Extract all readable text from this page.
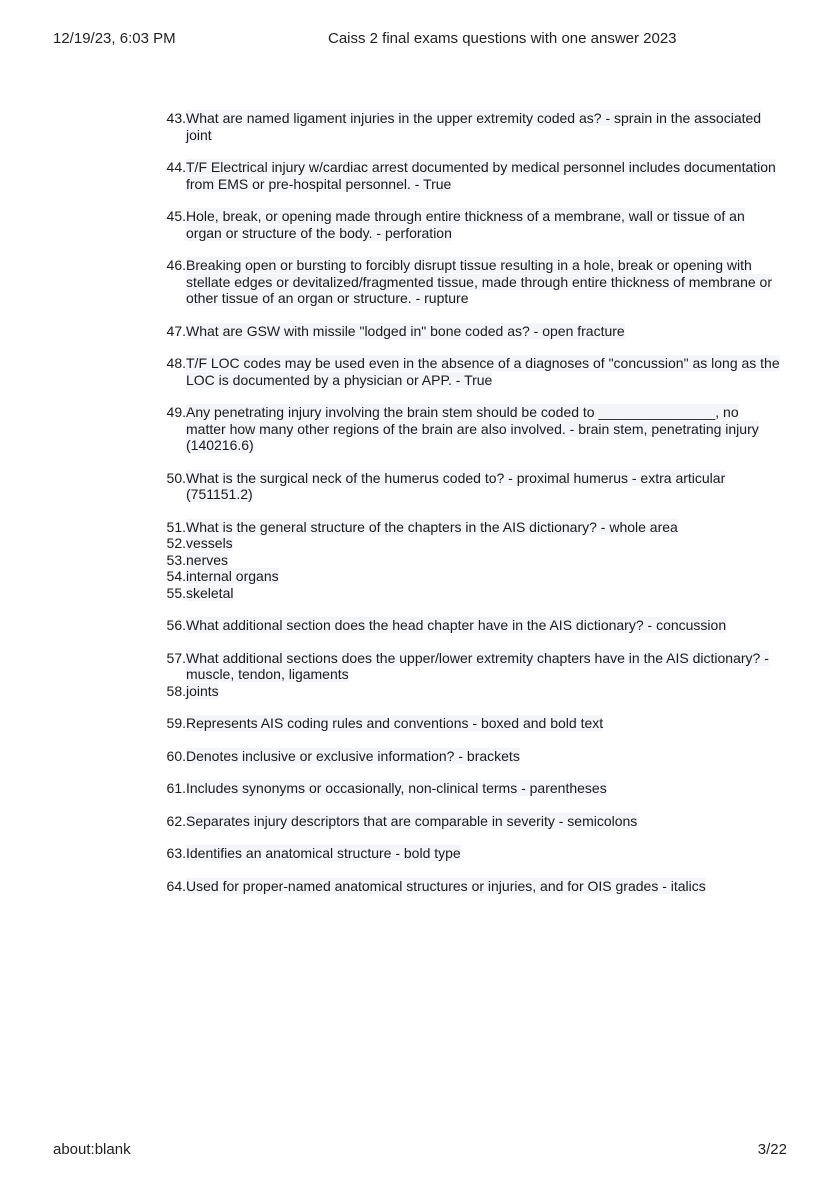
12/19/23, 6:03 PM	Caiss 2 final exams questions with one answer 2023
43. What are named ligament injuries in the upper extremity coded as? - sprain in the associated joint
44. T/F Electrical injury w/cardiac arrest documented by medical personnel includes documentation from EMS or pre-hospital personnel. - True
45. Hole, break, or opening made through entire thickness of a membrane, wall or tissue of an organ or structure of the body. - perforation
46. Breaking open or bursting to forcibly disrupt tissue resulting in a hole, break or opening with stellate edges or devitalized/fragmented tissue, made through entire thickness of membrane or other tissue of an organ or structure. - rupture
47. What are GSW with missile "lodged in" bone coded as? - open fracture
48. T/F LOC codes may be used even in the absence of a diagnoses of "concussion" as long as the LOC is documented by a physician or APP. - True
49. Any penetrating injury involving the brain stem should be coded to _______________, no matter how many other regions of the brain are also involved. - brain stem, penetrating injury (140216.6)
50. What is the surgical neck of the humerus coded to? - proximal humerus - extra articular (751151.2)
51. What is the general structure of the chapters in the AIS dictionary? - whole area
52. vessels
53. nerves
54. internal organs
55. skeletal
56. What additional section does the head chapter have in the AIS dictionary? - concussion
57. What additional sections does the upper/lower extremity chapters have in the AIS dictionary? - muscle, tendon, ligaments
58. joints
59. Represents AIS coding rules and conventions - boxed and bold text
60. Denotes inclusive or exclusive information? - brackets
61. Includes synonyms or occasionally, non-clinical terms - parentheses
62. Separates injury descriptors that are comparable in severity - semicolons
63. Identifies an anatomical structure - bold type
64. Used for proper-named anatomical structures or injuries, and for OIS grades - italics
about:blank	3/22
